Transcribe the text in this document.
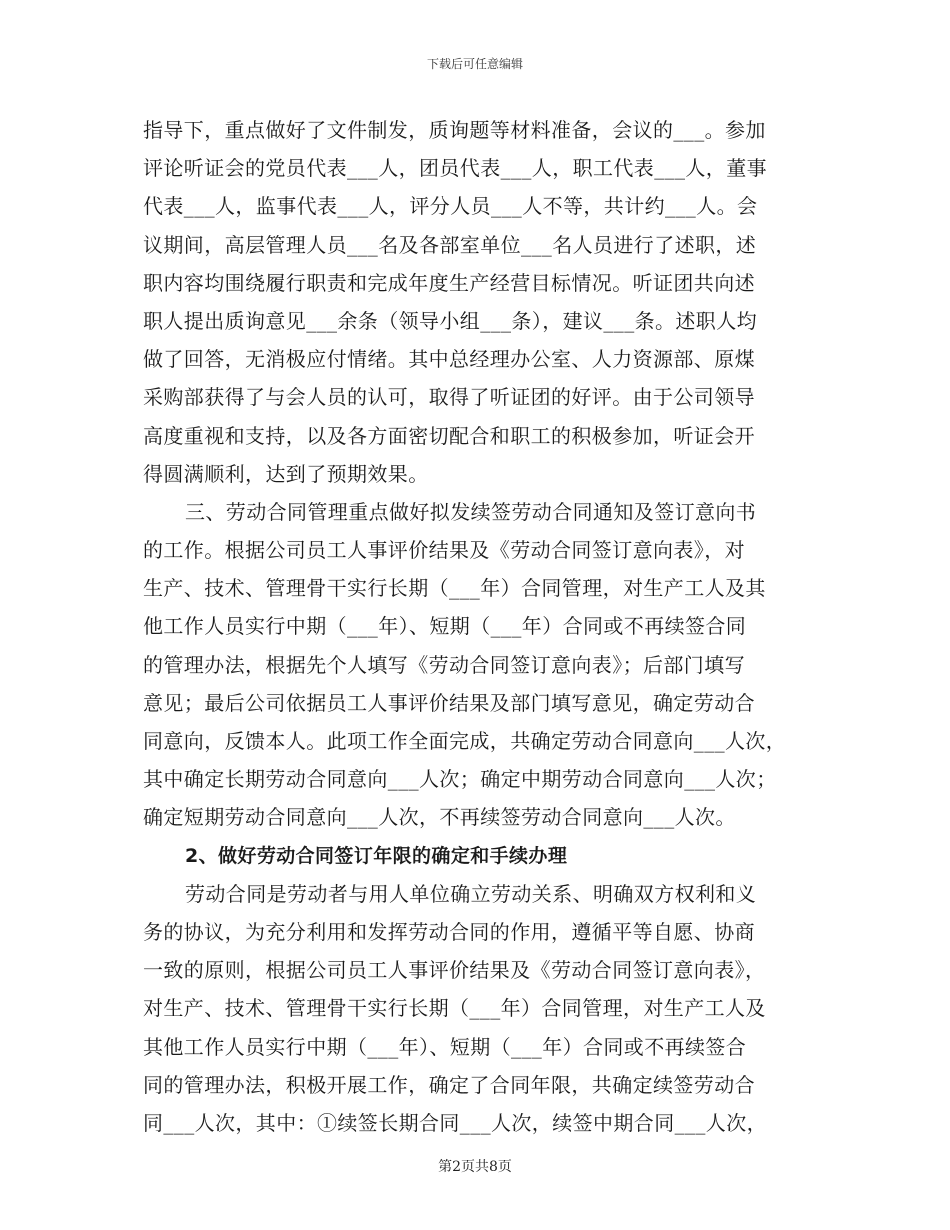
下载后可任意编辑
指导下，重点做好了文件制发，质询题等材料准备，会议的___。参加
评论听证会的党员代表___人，团员代表___人，职工代表___人，董事
代表___人，监事代表___人，评分人员___人不等，共计约___人。会
议期间，高层管理人员___名及各部室单位___名人员进行了述职，述
职内容均围绕履行职责和完成年度生产经营目标情况。听证团共向述
职人提出质询意见___余条（领导小组___条），建议___条。述职人均
做了回答，无消极应付情绪。其中总经理办公室、人力资源部、原煤
采购部获得了与会人员的认可，取得了听证团的好评。由于公司领导
高度重视和支持，以及各方面密切配合和职工的积极参加，听证会开
得圆满顺利，达到了预期效果。
三、劳动合同管理重点做好拟发续签劳动合同通知及签订意向书
的工作。根据公司员工人事评价结果及《劳动合同签订意向表》，对
生产、技术、管理骨干实行长期（___年）合同管理，对生产工人及其
他工作人员实行中期（___年）、短期（___年）合同或不再续签合同
的管理办法，根据先个人填写《劳动合同签订意向表》；后部门填写
意见；最后公司依据员工人事评价结果及部门填写意见，确定劳动合
同意向，反馈本人。此项工作全面完成，共确定劳动合同意向___人次，
其中确定长期劳动合同意向___人次；确定中期劳动合同意向___人次；
确定短期劳动合同意向___人次，不再续签劳动合同意向___人次。
2、做好劳动合同签订年限的确定和手续办理
劳动合同是劳动者与用人单位确立劳动关系、明确双方权利和义
务的协议，为充分利用和发挥劳动合同的作用，遵循平等自愿、协商
一致的原则，根据公司员工人事评价结果及《劳动合同签订意向表》，
对生产、技术、管理骨干实行长期（___年）合同管理，对生产工人及
其他工作人员实行中期（___年）、短期（___年）合同或不再续签合
同的管理办法，积极开展工作，确定了合同年限，共确定续签劳动合
同___人次，其中：①续签长期合同___人次，续签中期合同___人次，
第2页共8页
